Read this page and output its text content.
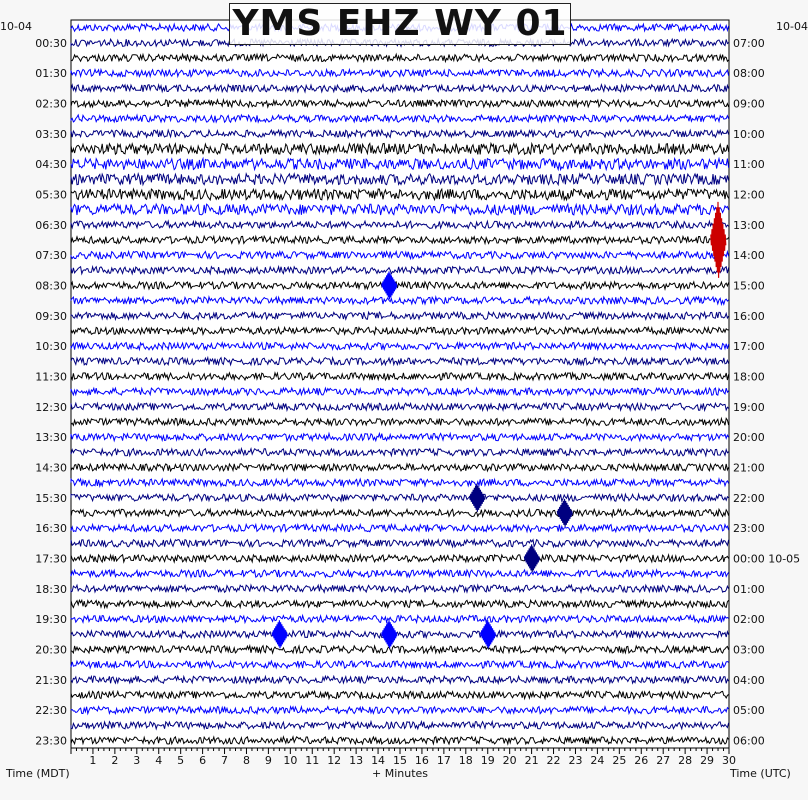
1 2 3 4 5 6 7 8 9 10 11 12 13 14 15 16 17 18 19 20 21 22 23 24 25 26 27 28 29 30
00:30
01:30
02:30
03:30
04:30
05:30
06:30
07:30
08:30
09:30
10:30
11:30
12:30
13:30
14:30
15:30
16:30
17:30
18:30
19:30
20:30
21:30
22:30
23:30
07:00
08:00
09:00
10:00
11:00
12:00
13:00
14:00
15:00
16:00
17:00
18:00
19:00
20:00
21:00
22:00
23:00
00:00 10-05
01:00
02:00
03:00
04:00
05:00
06:00
YMS EHZ WY 01
10-04	10-04
Time (MDT)	+ Minutes	Time (UTC)
